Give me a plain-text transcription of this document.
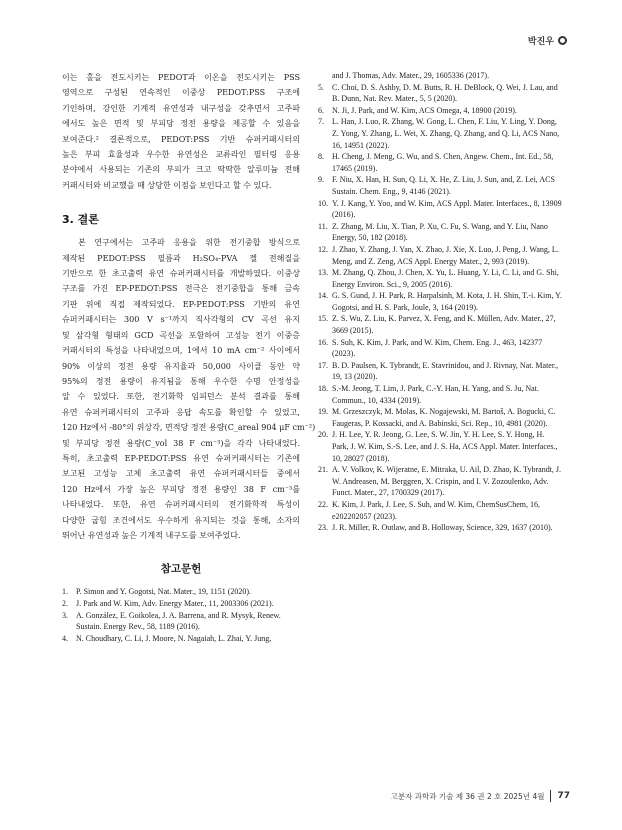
박진우

이는 홀을 전도시키는 PEDOT과 이온을 전도시키는 PSS
영역으로 구성된 연속적인 이중상 PEDOT:PSS 구조에
기인하며, 강인한 기계적 유연성과 내구성을 갖추면서 고주파
에서도 높은 면적 및 부피당 정전 용량을 제공할 수 있음을
보여준다.² 결론적으로, PEDOT:PSS 기반 슈퍼커패시터의
높은 부피 효율성과 우수한 유연성은 교류라인 필터링 응용
분야에서 사용되는 기존의 부피가 크고 딱딱한 알루미늄 전해
커패시터와 비교했을 때 상당한 이점을 보인다고 할 수 있다.

3. 결론

본 연구에서는 고주파 응용을 위한 전기중합 방식으로
제작된 PEDOT:PSS 필름과 H₂SO₄-PVA 젤 전해질을
기반으로 한 초고출력 유연 슈퍼커패시터를 개발하였다. 이중상
구조를 가진 EP-PEDOT:PSS 전극은 전기중합을 통해 금속
기판 위에 직접 제작되었다. EP-PEDOT:PSS 기반의 유연
슈퍼커패시터는 300 V s⁻¹까지 직사각형의 CV 곡선 유지
및 삼각형 형태의 GCD 곡선을 포함하여 고성능 전기 이중층
커패시터의 특성을 나타내었으며, 1에서 10 mA cm⁻² 사이에서
90% 이상의 정전 용량 유지율과 50,000 사이클 동안 약
95%의 정전 용량이 유지됨을 통해 우수한 수명 안정성을
알 수 있었다. 또한, 전기화학 임피던스 분석 결과를 통해
유연 슈퍼커패시터의 고주파 응답 속도를 확인할 수 있었고,
120 Hz에서 -80°의 위상각, 면적당 정전 용량(C_areal 904 μF cm⁻²)
및 부피당 정전 용량(C_vol 38 F cm⁻³)을 각각 나타내었다.
특히, 초고출력 EP-PEDOT:PSS 유연 슈퍼커패시터는 기존에
보고된 고성능 고체 초고출력 유연 슈퍼커패시터들 중에서
120 Hz에서 가장 높은 부피당 정전 용량인 38 F cm⁻³를
나타내었다. 또한, 유연 슈퍼커패시터의 전기화학적 특성이
다양한 굽힘 조건에서도 우수하게 유지되는 것을 통해, 소자의
뛰어난 유연성과 높은 기계적 내구도를 보여주었다.

참고문헌
1. P. Simon and Y. Gogotsi, Nat. Mater., 19, 1151 (2020).
2. J. Park and W. Kim, Adv. Energy Mater., 11, 2003306 (2021).
3. A. González, E. Goikolea, J. A. Barrena, and R. Mysyk, Renew. Sustain. Energy Rev., 58, 1189 (2016).
4. N. Choudhary, C. Li, J. Moore, N. Nagaiah, L. Zhai, Y. Jung,
and J. Thomas, Adv. Mater., 29, 1605336 (2017).
5. C. Choi, D. S. Ashby, D. M. Butts, R. H. DeBlock, Q. Wei, J. Lau, and B. Dunn, Nat. Rev. Mater., 5, 5 (2020).
6. N. Ji, J. Park, and W. Kim, ACS Omega, 4, 18900 (2019).
7. L. Han, J. Luo, R. Zhang, W. Gong, L. Chen, F. Liu, Y. Ling, Y. Dong, Z. Yong, Y. Zhang, L. Wei, X. Zhang, Q. Zhang, and Q. Li, ACS Nano, 16, 14951 (2022).
8. H. Cheng, J. Meng, G. Wu, and S. Chen, Angew. Chem., Int. Ed., 58, 17465 (2019).
9. F. Niu, X. Han, H. Sun, Q. Li, X. He, Z. Liu, J. Sun, and, Z. Lei, ACS Sustain. Chem. Eng., 9, 4146 (2021).
10. Y. J. Kang, Y. Yoo, and W. Kim, ACS Appl. Mater. Interfaces., 8, 13909 (2016).
11. Z. Zhang, M. Liu, X. Tian, P. Xu, C. Fu, S. Wang, and Y. Liu, Nano Energy, 50, 182 (2018).
12. J. Zhao, Y. Zhang, J. Yan, X. Zhao, J. Xie, X. Luo, J. Peng, J. Wang, L. Meng, and Z. Zeng, ACS Appl. Energy Mater., 2, 993 (2019).
13. M. Zhang, Q. Zhou, J. Chen, X. Yu, L. Huang, Y. Li, C. Li, and G. Shi, Energy Environ. Sci., 9, 2005 (2016).
14. G. S. Gund, J. H. Park, R. Harpalsinh, M. Kota, J. H. Shin, T.-i. Kim, Y. Gogotsi, and H. S. Park, Joule, 3, 164 (2019).
15. Z. S. Wu, Z. Liu, K. Parvez, X. Feng, and K. Müllen, Adv. Mater., 27, 3669 (2015).
16. S. Suh, K. Kim, J. Park, and W. Kim, Chem. Eng. J., 463, 142377 (2023).
17. B. D. Paulsen, K. Tybrandt, E. Stavrinidou, and J. Rivnay, Nat. Mater., 19, 13 (2020).
18. S.-M. Jeong, T. Lim, J. Park, C.-Y. Han, H. Yang, and S. Ju, Nat. Commun., 10, 4334 (2019).
19. M. Grzeszczyk, M. Molas, K. Nogajewski, M. Bartoš, A. Bogucki, C. Faugeras, P. Kossacki, and A. Babinski, Sci. Rep., 10, 4981 (2020).
20. J. H. Lee, Y. R. Jeong, G. Lee, S. W. Jin, Y. H. Lee, S. Y. Hong, H. Park, J. W. Kim, S.-S. Lee, and J. S. Ha, ACS Appl. Mater. Interfaces., 10, 28027 (2018).
21. A. V. Volkov, K. Wijeratne, E. Mitraka, U. Ail, D. Zhao, K. Tybrandt, J. W. Andreasen, M. Berggren, X. Crispin, and I. V. Zozoulenko, Adv. Funct. Mater., 27, 1700329 (2017).
22. K. Kim, J. Park, J. Lee, S. Suh, and W. Kim, ChemSusChem, 16, e202202057 (2023).
23. J. R. Miller, R. Outlaw, and B. Holloway, Science, 329, 1637 (2010).
고분자 과학과 기술 제 36 권 2 호 2025년 4월 77
